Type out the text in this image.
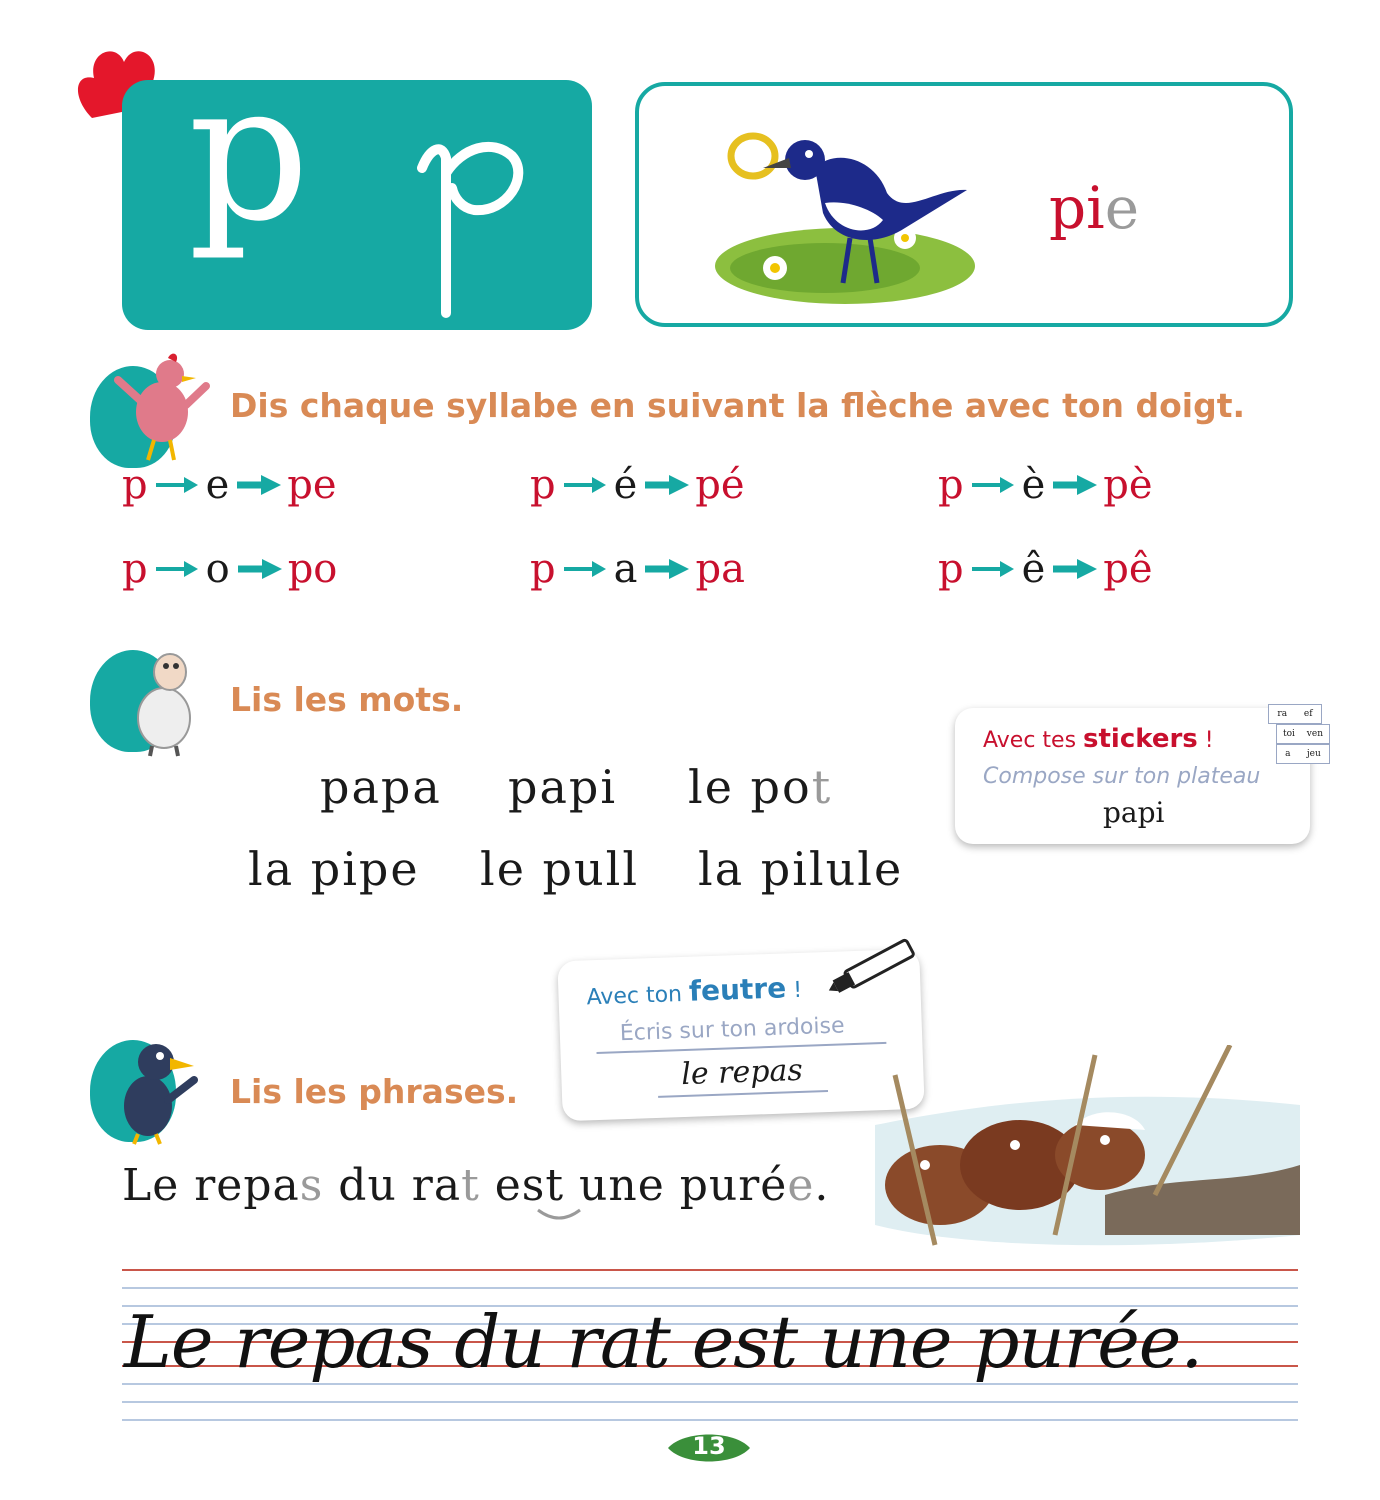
p	p
pie
Dis chaque syllabe en suivant la flèche avec ton doigt.
p e pe	p é pé	p è pè
p o po	p a pa	p ê pê
Lis les mots.
papa papi le pot
la pipe le pull la pilule
Avec tes stickers !
Compose sur ton plateau
papi
ra ef
toi ven
a jeu
Avec ton feutre !
Écris sur ton ardoise
le repas
Lis les phrases.
Le repas du rat est une purée.
Le repas du rat est une purée.
13
